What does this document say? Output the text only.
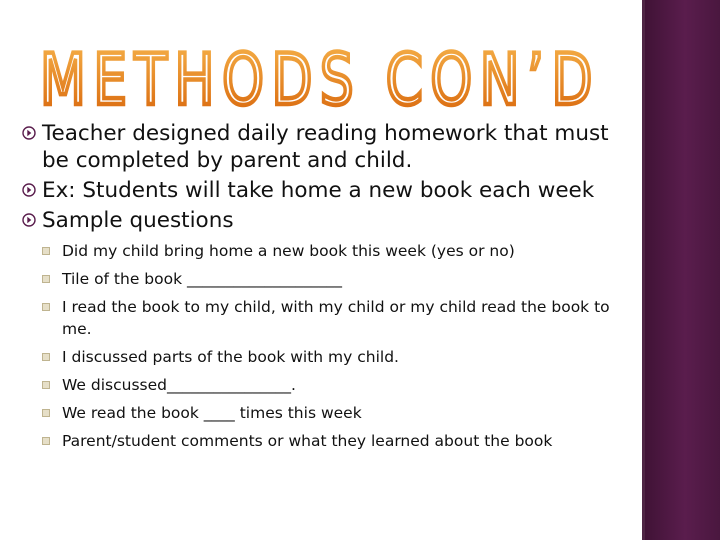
METHODS CON’D
Teacher designed daily reading homework that must be completed by parent and child.
Ex: Students will take home a new book each week
Sample questions
Did my child bring home a new book this week (yes or no)
Tile of the book ____________________
I read the book to my child, with my child or my child read the book to me.
I discussed parts of the book with my child.
We discussed________________.
We read the book ____ times this week
Parent/student comments or what they learned about the book
